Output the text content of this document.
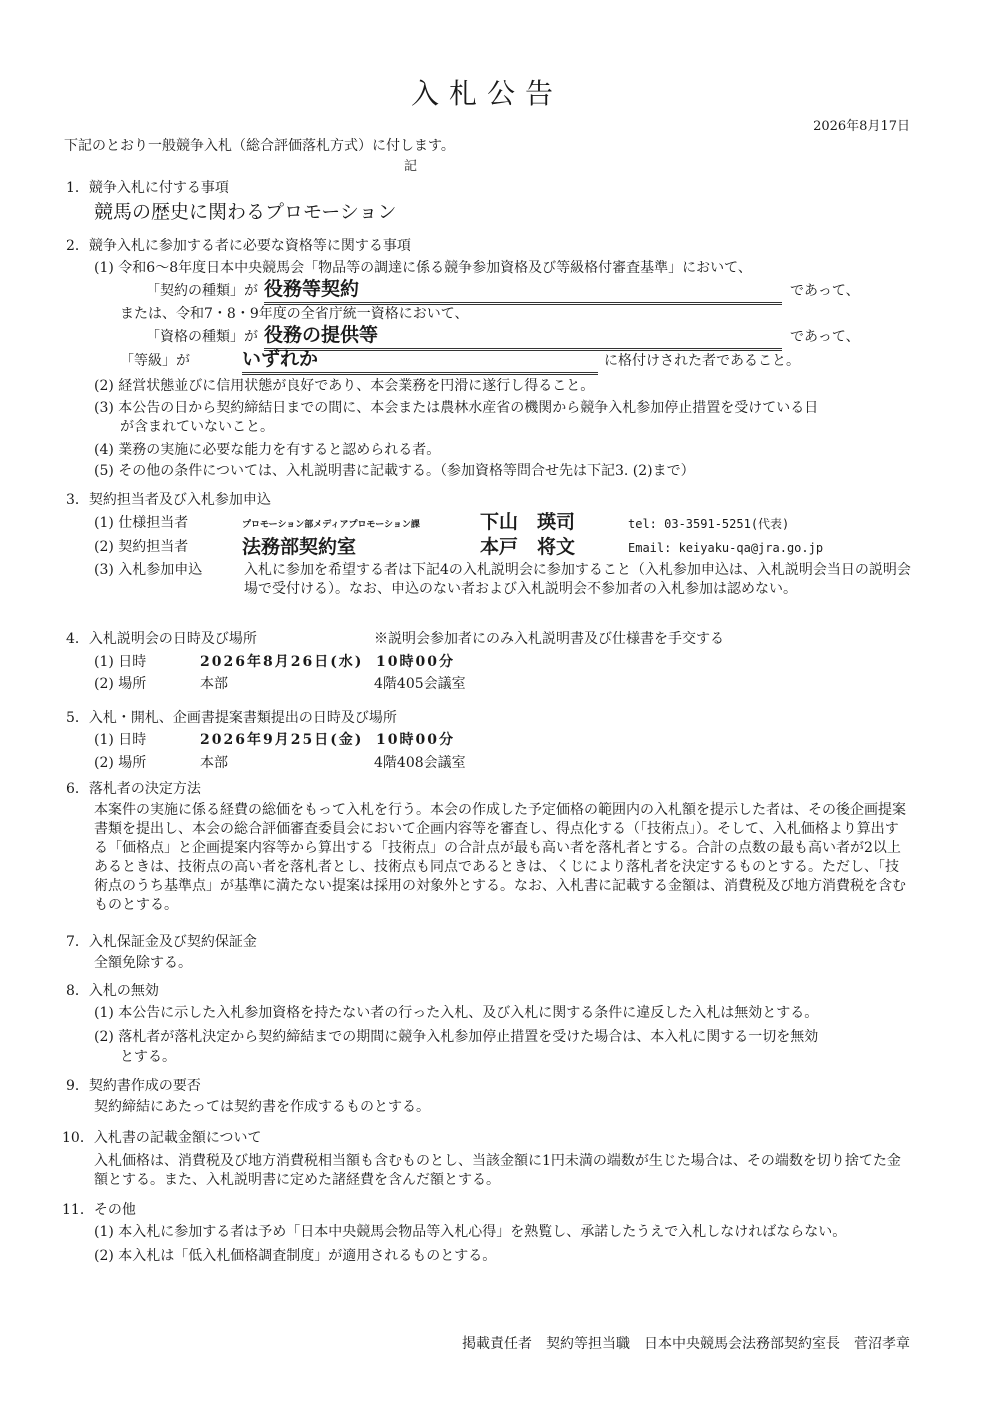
入札公告
2026年8月17日
下記のとおり一般競争入札（総合評価落札方式）に付します。
記
1．競争入札に付する事項
競馬の歴史に関わるプロモーション
2．競争入札に参加する者に必要な資格等に関する事項
(1) 令和6～8年度日本中央競馬会「物品等の調達に係る競争参加資格及び等級格付審査基準」において、
「契約の種類」が 役務等契約	であって、
または、令和7・8・9年度の全省庁統一資格において、
「資格の種類」が 役務の提供等	であって、
「等級」が	いずれか	に格付けされた者であること。
(2) 経営状態並びに信用状態が良好であり、本会業務を円滑に遂行し得ること。
(3) 本公告の日から契約締結日までの間に、本会または農林水産省の機関から競争入札参加停止措置を受けている日
が含まれていないこと。
(4) 業務の実施に必要な能力を有すると認められる者。
(5) その他の条件については、入札説明書に記載する。（参加資格等問合せ先は下記3. (2)まで）
3．契約担当者及び入札参加申込
(1) 仕様担当者	プロモーション部メディアプロモーション課	下山　瑛司	tel: 03-3591-5251(代表)
(2) 契約担当者	法務部契約室	本戸　将文	Email: keiyaku-qa@jra.go.jp
(3) 入札参加申込	入札に参加を希望する者は下記4の入札説明会に参加すること（入札参加申込は、入札説明会当日の説明会場で受付ける）。なお、申込のない者および入札説明会不参加者の入札参加は認めない。
4．入札説明会の日時及び場所	※説明会参加者にのみ入札説明書及び仕様書を手交する
(1) 日時	2026年8月26日(水) 10時00分
(2) 場所	本部	4階405会議室
5．入札・開札、企画書提案書類提出の日時及び場所
(1) 日時	2026年9月25日(金) 10時00分
(2) 場所	本部	4階408会議室
6．落札者の決定方法
本案件の実施に係る経費の総価をもって入札を行う。本会の作成した予定価格の範囲内の入札額を提示した者は、その後企画提案書類を提出し、本会の総合評価審査委員会において企画内容等を審査し、得点化する（「技術点」）。そして、入札価格より算出する「価格点」と企画提案内容等から算出する「技術点」の合計点が最も高い者を落札者とする。合計の点数の最も高い者が2以上あるときは、技術点の高い者を落札者とし、技術点も同点であるときは、くじにより落札者を決定するものとする。ただし、「技術点のうち基準点」が基準に満たない提案は採用の対象外とする。なお、入札書に記載する金額は、消費税及び地方消費税を含むものとする。
7．入札保証金及び契約保証金
全額免除する。
8．入札の無効
(1) 本公告に示した入札参加資格を持たない者の行った入札、及び入札に関する条件に違反した入札は無効とする。
(2) 落札者が落札決定から契約締結までの期間に競争入札参加停止措置を受けた場合は、本入札に関する一切を無効
とする。
9．契約書作成の要否
契約締結にあたっては契約書を作成するものとする。
10．入札書の記載金額について
入札価格は、消費税及び地方消費税相当額も含むものとし、当該金額に1円未満の端数が生じた場合は、その端数を切り捨てた金額とする。また、入札説明書に定めた諸経費を含んだ額とする。
11．その他
(1) 本入札に参加する者は予め「日本中央競馬会物品等入札心得」を熟覧し、承諾したうえで入札しなければならない。
(2) 本入札は「低入札価格調査制度」が適用されるものとする。
掲載責任者　契約等担当職　日本中央競馬会法務部契約室長　菅沼孝章
